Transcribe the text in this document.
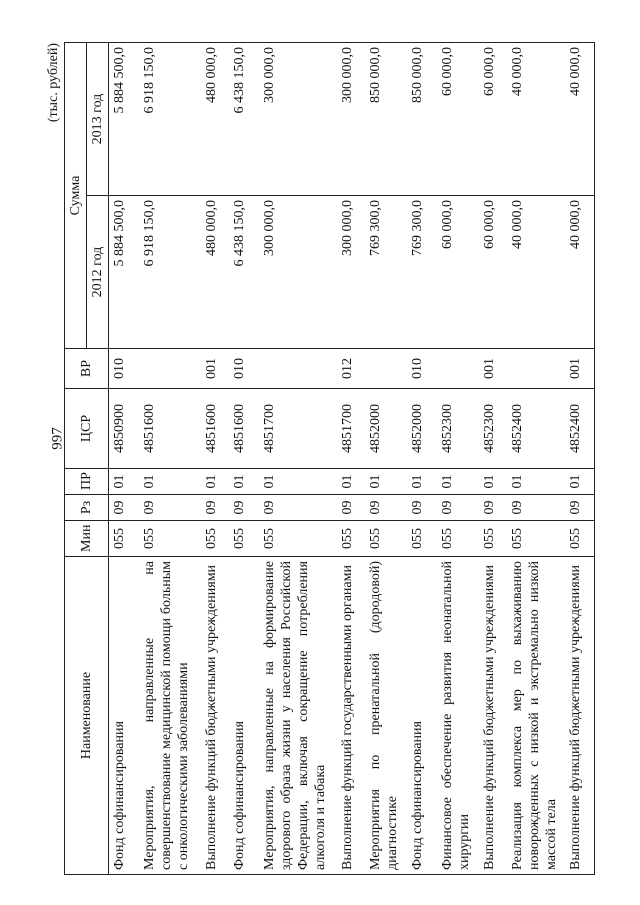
997
(тыс. рублей)
Наименование	Мин	Рз	ПР	ЦСР	ВР	Сумма	
						2012 год	2013 год
Фонд софинансирования	055	09	01	4850900	010	5 884 500,0	5 884 500,0
Мероприятия, направленные на совершенствование медицинской помощи больным с онкологическими заболеваниями	055	09	01	4851600		6 918 150,0	6 918 150,0
Выполнение функций бюджетными учреждениями	055	09	01	4851600	001	480 000,0	480 000,0
Фонд софинансирования	055	09	01	4851600	010	6 438 150,0	6 438 150,0
Мероприятия, направленные на формирование здорового образа жизни у населения Российской Федерации, включая сокращение потребления алкоголя и табака	055	09	01	4851700		300 000,0	300 000,0
Выполнение функций государственными органами	055	09	01	4851700	012	300 000,0	300 000,0
Мероприятия по пренатальной (дородовой) диагностике	055	09	01	4852000		769 300,0	850 000,0
Фонд софинансирования	055	09	01	4852000	010	769 300,0	850 000,0
Финансовое обеспечение развития неонатальной хирургии	055	09	01	4852300		60 000,0	60 000,0
Выполнение функций бюджетными учреждениями	055	09	01	4852300	001	60 000,0	60 000,0
Реализация комплекса мер по выхаживанию новорожденных с низкой и экстремально низкой массой тела	055	09	01	4852400		40 000,0	40 000,0
Выполнение функций бюджетными учреждениями	055	09	01	4852400	001	40 000,0	40 000,0
